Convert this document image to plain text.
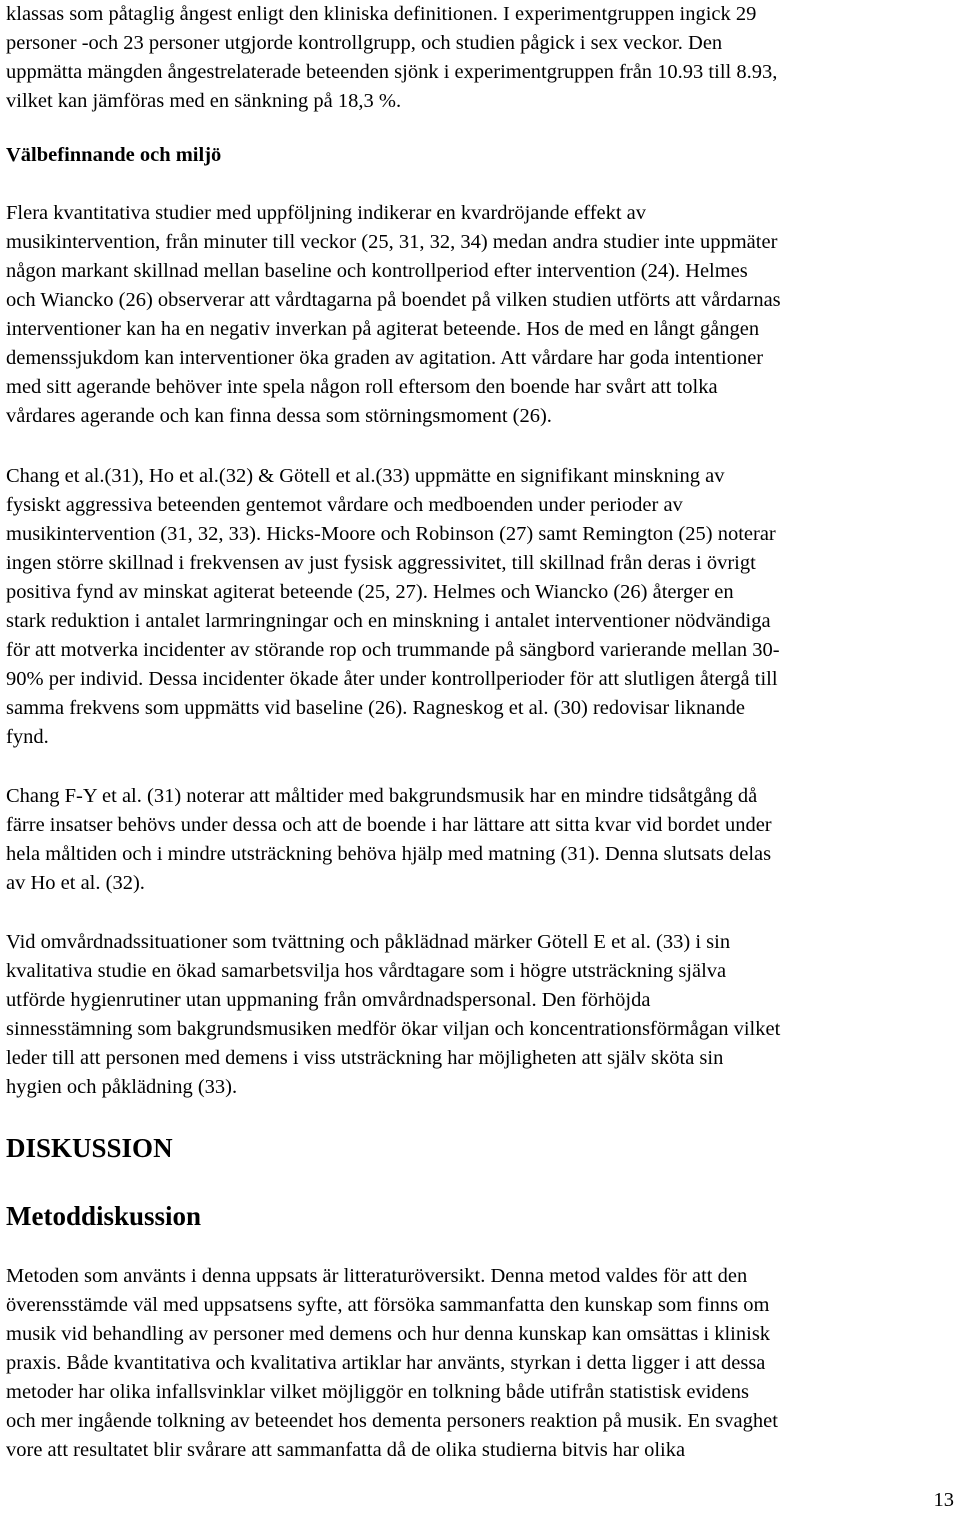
klassas som påtaglig ångest enligt den kliniska definitionen. I experimentgruppen ingick 29
personer -och 23 personer utgjorde kontrollgrupp, och studien pågick i sex veckor. Den
uppmätta mängden ångestrelaterade beteenden sjönk i experimentgruppen från 10.93 till 8.93,
vilket kan jämföras med en sänkning på 18,3 %.
Välbefinnande och miljö
Flera kvantitativa studier med uppföljning indikerar en kvardröjande effekt av
musikintervention, från minuter till veckor (25, 31, 32, 34) medan andra studier inte uppmäter
någon markant skillnad mellan baseline och kontrollperiod efter intervention (24). Helmes
och Wiancko (26) observerar att vårdtagarna på boendet på vilken studien utförts att vårdarnas
interventioner kan ha en negativ inverkan på agiterat beteende. Hos de med en långt gången
demenssjukdom kan interventioner öka graden av agitation. Att vårdare har goda intentioner
med sitt agerande behöver inte spela någon roll eftersom den boende har svårt att tolka
vårdares agerande och kan finna dessa som störningsmoment (26).
Chang et al.(31), Ho et al.(32) & Götell et al.(33) uppmätte en signifikant minskning av
fysiskt aggressiva beteenden gentemot vårdare och medboenden under perioder av
musikintervention (31, 32, 33). Hicks-Moore och Robinson (27) samt Remington (25) noterar
ingen större skillnad i frekvensen av just fysisk aggressivitet, till skillnad från deras i övrigt
positiva fynd av minskat agiterat beteende (25, 27). Helmes och Wiancko (26) återger en
stark reduktion i antalet larmringningar och en minskning i antalet interventioner nödvändiga
för att motverka incidenter av störande rop och trummande på sängbord varierande mellan 30-
90% per individ. Dessa incidenter ökade åter under kontrollperioder för att slutligen återgå till
samma frekvens som uppmätts vid baseline (26). Ragneskog et al. (30) redovisar liknande
fynd.
Chang F-Y et al. (31) noterar att måltider med bakgrundsmusik har en mindre tidsåtgång då
färre insatser behövs under dessa och att de boende i har lättare att sitta kvar vid bordet under
hela måltiden och i mindre utsträckning behöva hjälp med matning (31). Denna slutsats delas
av Ho et al. (32).
Vid omvårdnadssituationer som tvättning och påklädnad märker Götell E et al. (33) i sin
kvalitativa studie en ökad samarbetsvilja hos vårdtagare som i högre utsträckning själva
utförde hygienrutiner utan uppmaning från omvårdnadspersonal. Den förhöjda
sinnesstämning som bakgrundsmusiken medför ökar viljan och koncentrationsförmågan vilket
leder till att personen med demens i viss utsträckning har möjligheten att själv sköta sin
hygien och påklädning (33).
DISKUSSION
Metoddiskussion
Metoden som använts i denna uppsats är litteraturöversikt. Denna metod valdes för att den
överensstämde väl med uppsatsens syfte, att försöka sammanfatta den kunskap som finns om
musik vid behandling av personer med demens och hur denna kunskap kan omsättas i klinisk
praxis. Både kvantitativa och kvalitativa artiklar har använts, styrkan i detta ligger i att dessa
metoder har olika infallsvinklar vilket möjliggör en tolkning både utifrån statistisk evidens
och mer ingående tolkning av beteendet hos dementa personers reaktion på musik. En svaghet
vore att resultatet blir svårare att sammanfatta då de olika studierna bitvis har olika
13
